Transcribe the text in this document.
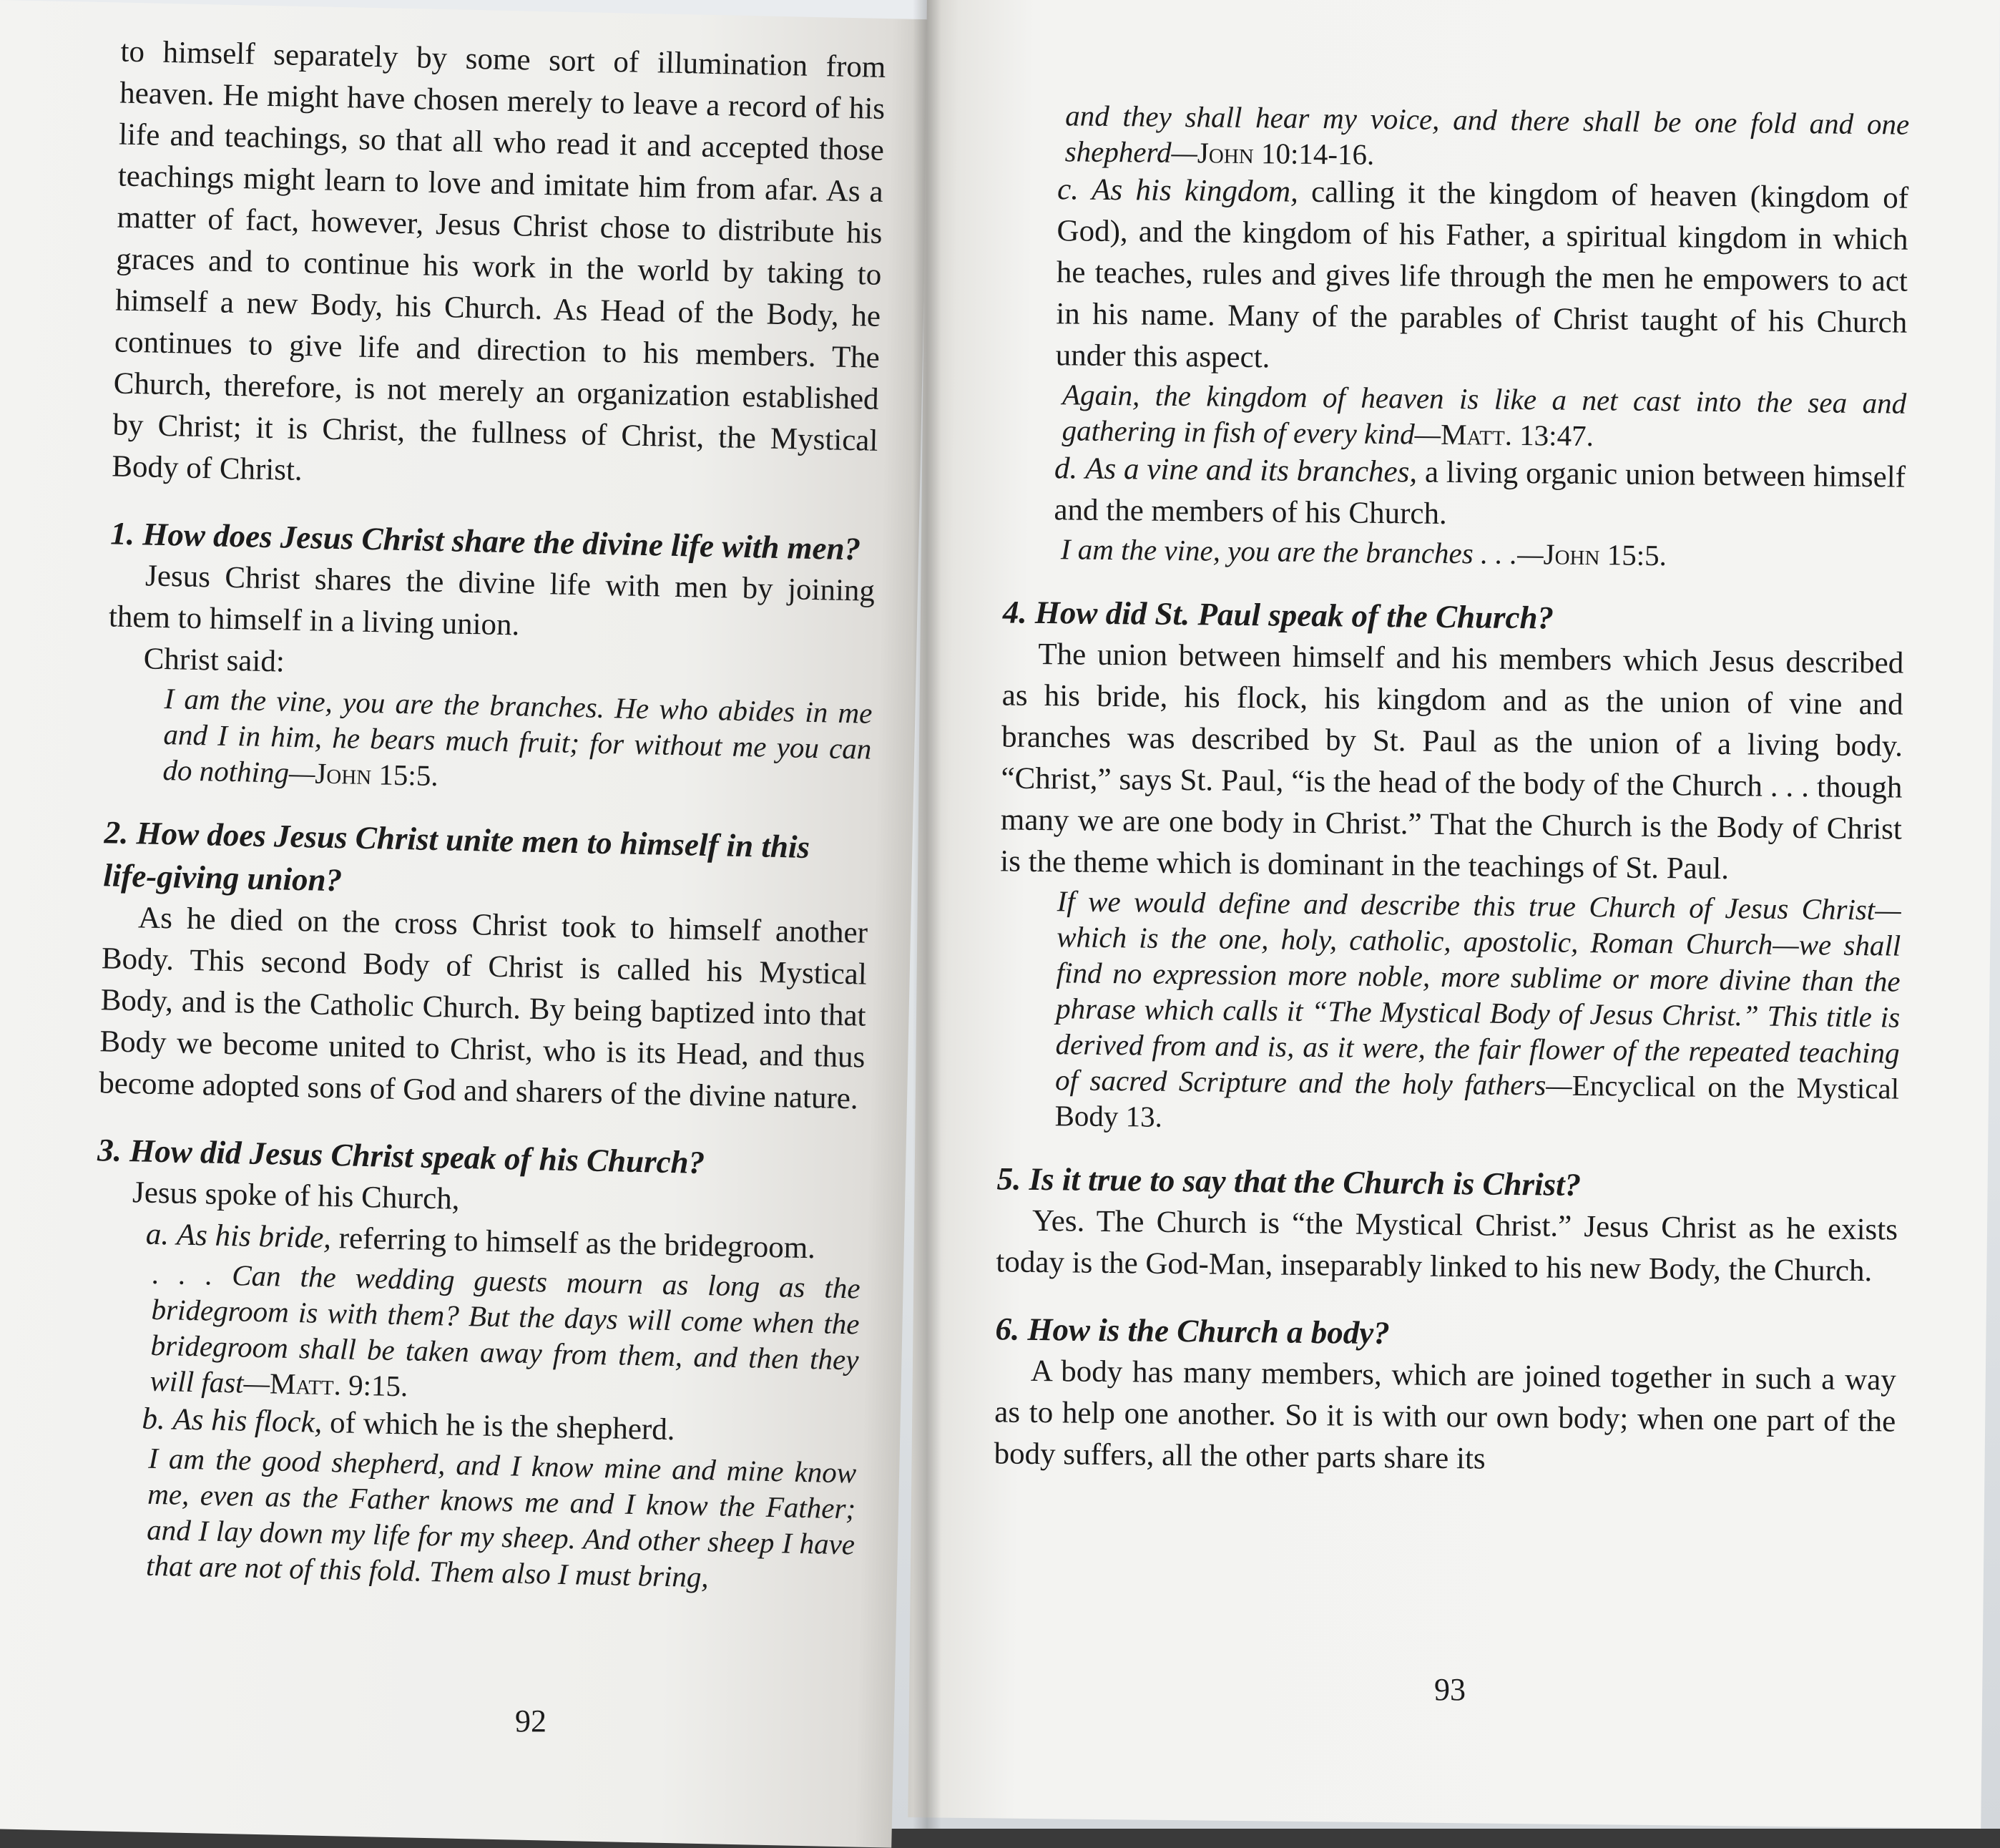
to himself separately by some sort of illumination from heaven. He might have chosen merely to leave a record of his life and teachings, so that all who read it and accepted those teachings might learn to love and imitate him from afar. As a matter of fact, however, Jesus Christ chose to distribute his graces and to continue his work in the world by taking to himself a new Body, his Church. As Head of the Body, he continues to give life and direction to his members. The Church, therefore, is not merely an organization established by Christ; it is Christ, the fullness of Christ, the Mystical Body of Christ.

1. How does Jesus Christ share the divine life with men?

Jesus Christ shares the divine life with men by joining them to himself in a living union.

Christ said:

I am the vine, you are the branches. He who abides in me and I in him, he bears much fruit; for without me you can do nothing—John 15:5.

2. How does Jesus Christ unite men to himself in this life-giving union?

As he died on the cross Christ took to himself another Body. This second Body of Christ is called his Mystical Body, and is the Catholic Church. By being baptized into that Body we become united to Christ, who is its Head, and thus become adopted sons of God and sharers of the divine nature.

3. How did Jesus Christ speak of his Church?

Jesus spoke of his Church,

a. As his bride, referring to himself as the bridegroom.

. . . Can the wedding guests mourn as long as the bridegroom is with them? But the days will come when the bridegroom shall be taken away from them, and then they will fast—Matt. 9:15.

b. As his flock, of which he is the shepherd.

I am the good shepherd, and I know mine and mine know me, even as the Father knows me and I know the Father; and I lay down my life for my sheep. And other sheep I have that are not of this fold. Them also I must bring,

92

and they shall hear my voice, and there shall be one fold and one shepherd—John 10:14-16.

c. As his kingdom, calling it the kingdom of heaven (kingdom of God), and the kingdom of his Father, a spiritual kingdom in which he teaches, rules and gives life through the men he empowers to act in his name. Many of the parables of Christ taught of his Church under this aspect.

Again, the kingdom of heaven is like a net cast into the sea and gathering in fish of every kind—Matt. 13:47.

d. As a vine and its branches, a living organic union between himself and the members of his Church.

I am the vine, you are the branches . . .—John 15:5.

4. How did St. Paul speak of the Church?

The union between himself and his members which Jesus described as his bride, his flock, his kingdom and as the union of vine and branches was described by St. Paul as the union of a living body. “Christ,” says St. Paul, “is the head of the body of the Church . . . though many we are one body in Christ.” That the Church is the Body of Christ is the theme which is dominant in the teachings of St. Paul.

If we would define and describe this true Church of Jesus Christ—which is the one, holy, catholic, apostolic, Roman Church—we shall find no expression more noble, more sublime or more divine than the phrase which calls it “The Mystical Body of Jesus Christ.” This title is derived from and is, as it were, the fair flower of the repeated teaching of sacred Scripture and the holy fathers—Encyclical on the Mystical Body 13.

5. Is it true to say that the Church is Christ?

Yes. The Church is “the Mystical Christ.” Jesus Christ as he exists today is the God-Man, inseparably linked to his new Body, the Church.

6. How is the Church a body?

A body has many members, which are joined together in such a way as to help one another. So it is with our own body; when one part of the body suffers, all the other parts share its

93
